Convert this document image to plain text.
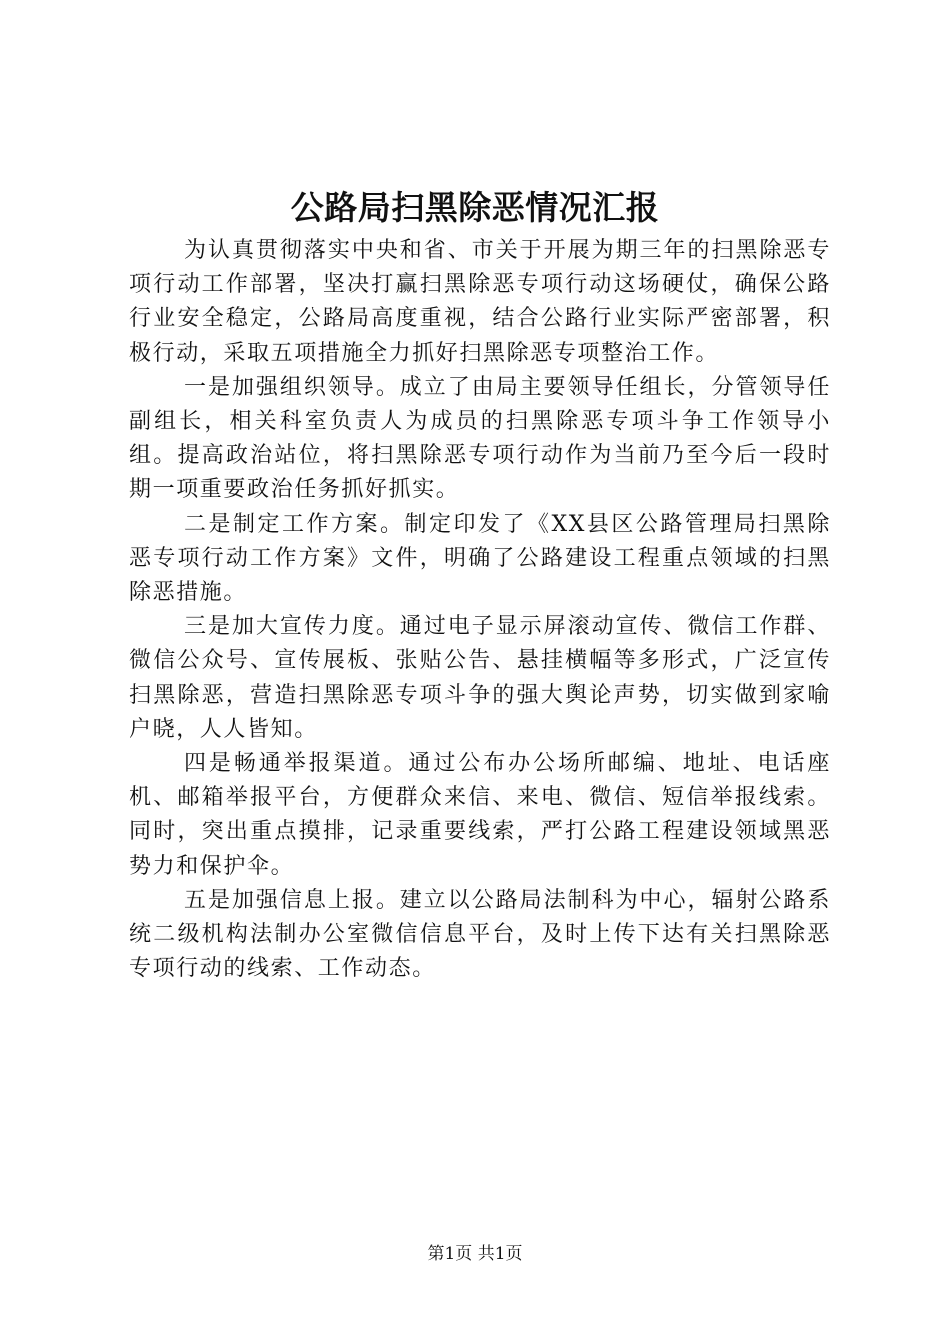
公路局扫黑除恶情况汇报

为认真贯彻落实中央和省、市关于开展为期三年的扫黑除恶专项行动工作部署，坚决打赢扫黑除恶专项行动这场硬仗，确保公路行业安全稳定，公路局高度重视，结合公路行业实际严密部署，积极行动，采取五项措施全力抓好扫黑除恶专项整治工作。

一是加强组织领导。成立了由局主要领导任组长，分管领导任副组长，相关科室负责人为成员的扫黑除恶专项斗争工作领导小组。提高政治站位，将扫黑除恶专项行动作为当前乃至今后一段时期一项重要政治任务抓好抓实。

二是制定工作方案。制定印发了《XX县区公路管理局扫黑除恶专项行动工作方案》文件，明确了公路建设工程重点领域的扫黑除恶措施。

三是加大宣传力度。通过电子显示屏滚动宣传、微信工作群、微信公众号、宣传展板、张贴公告、悬挂横幅等多形式，广泛宣传扫黑除恶，营造扫黑除恶专项斗争的强大舆论声势，切实做到家喻户晓，人人皆知。

四是畅通举报渠道。通过公布办公场所邮编、地址、电话座机、邮箱举报平台，方便群众来信、来电、微信、短信举报线索。同时，突出重点摸排，记录重要线索，严打公路工程建设领域黑恶势力和保护伞。

五是加强信息上报。建立以公路局法制科为中心，辐射公路系统二级机构法制办公室微信信息平台，及时上传下达有关扫黑除恶专项行动的线索、工作动态。

第1页 共1页
